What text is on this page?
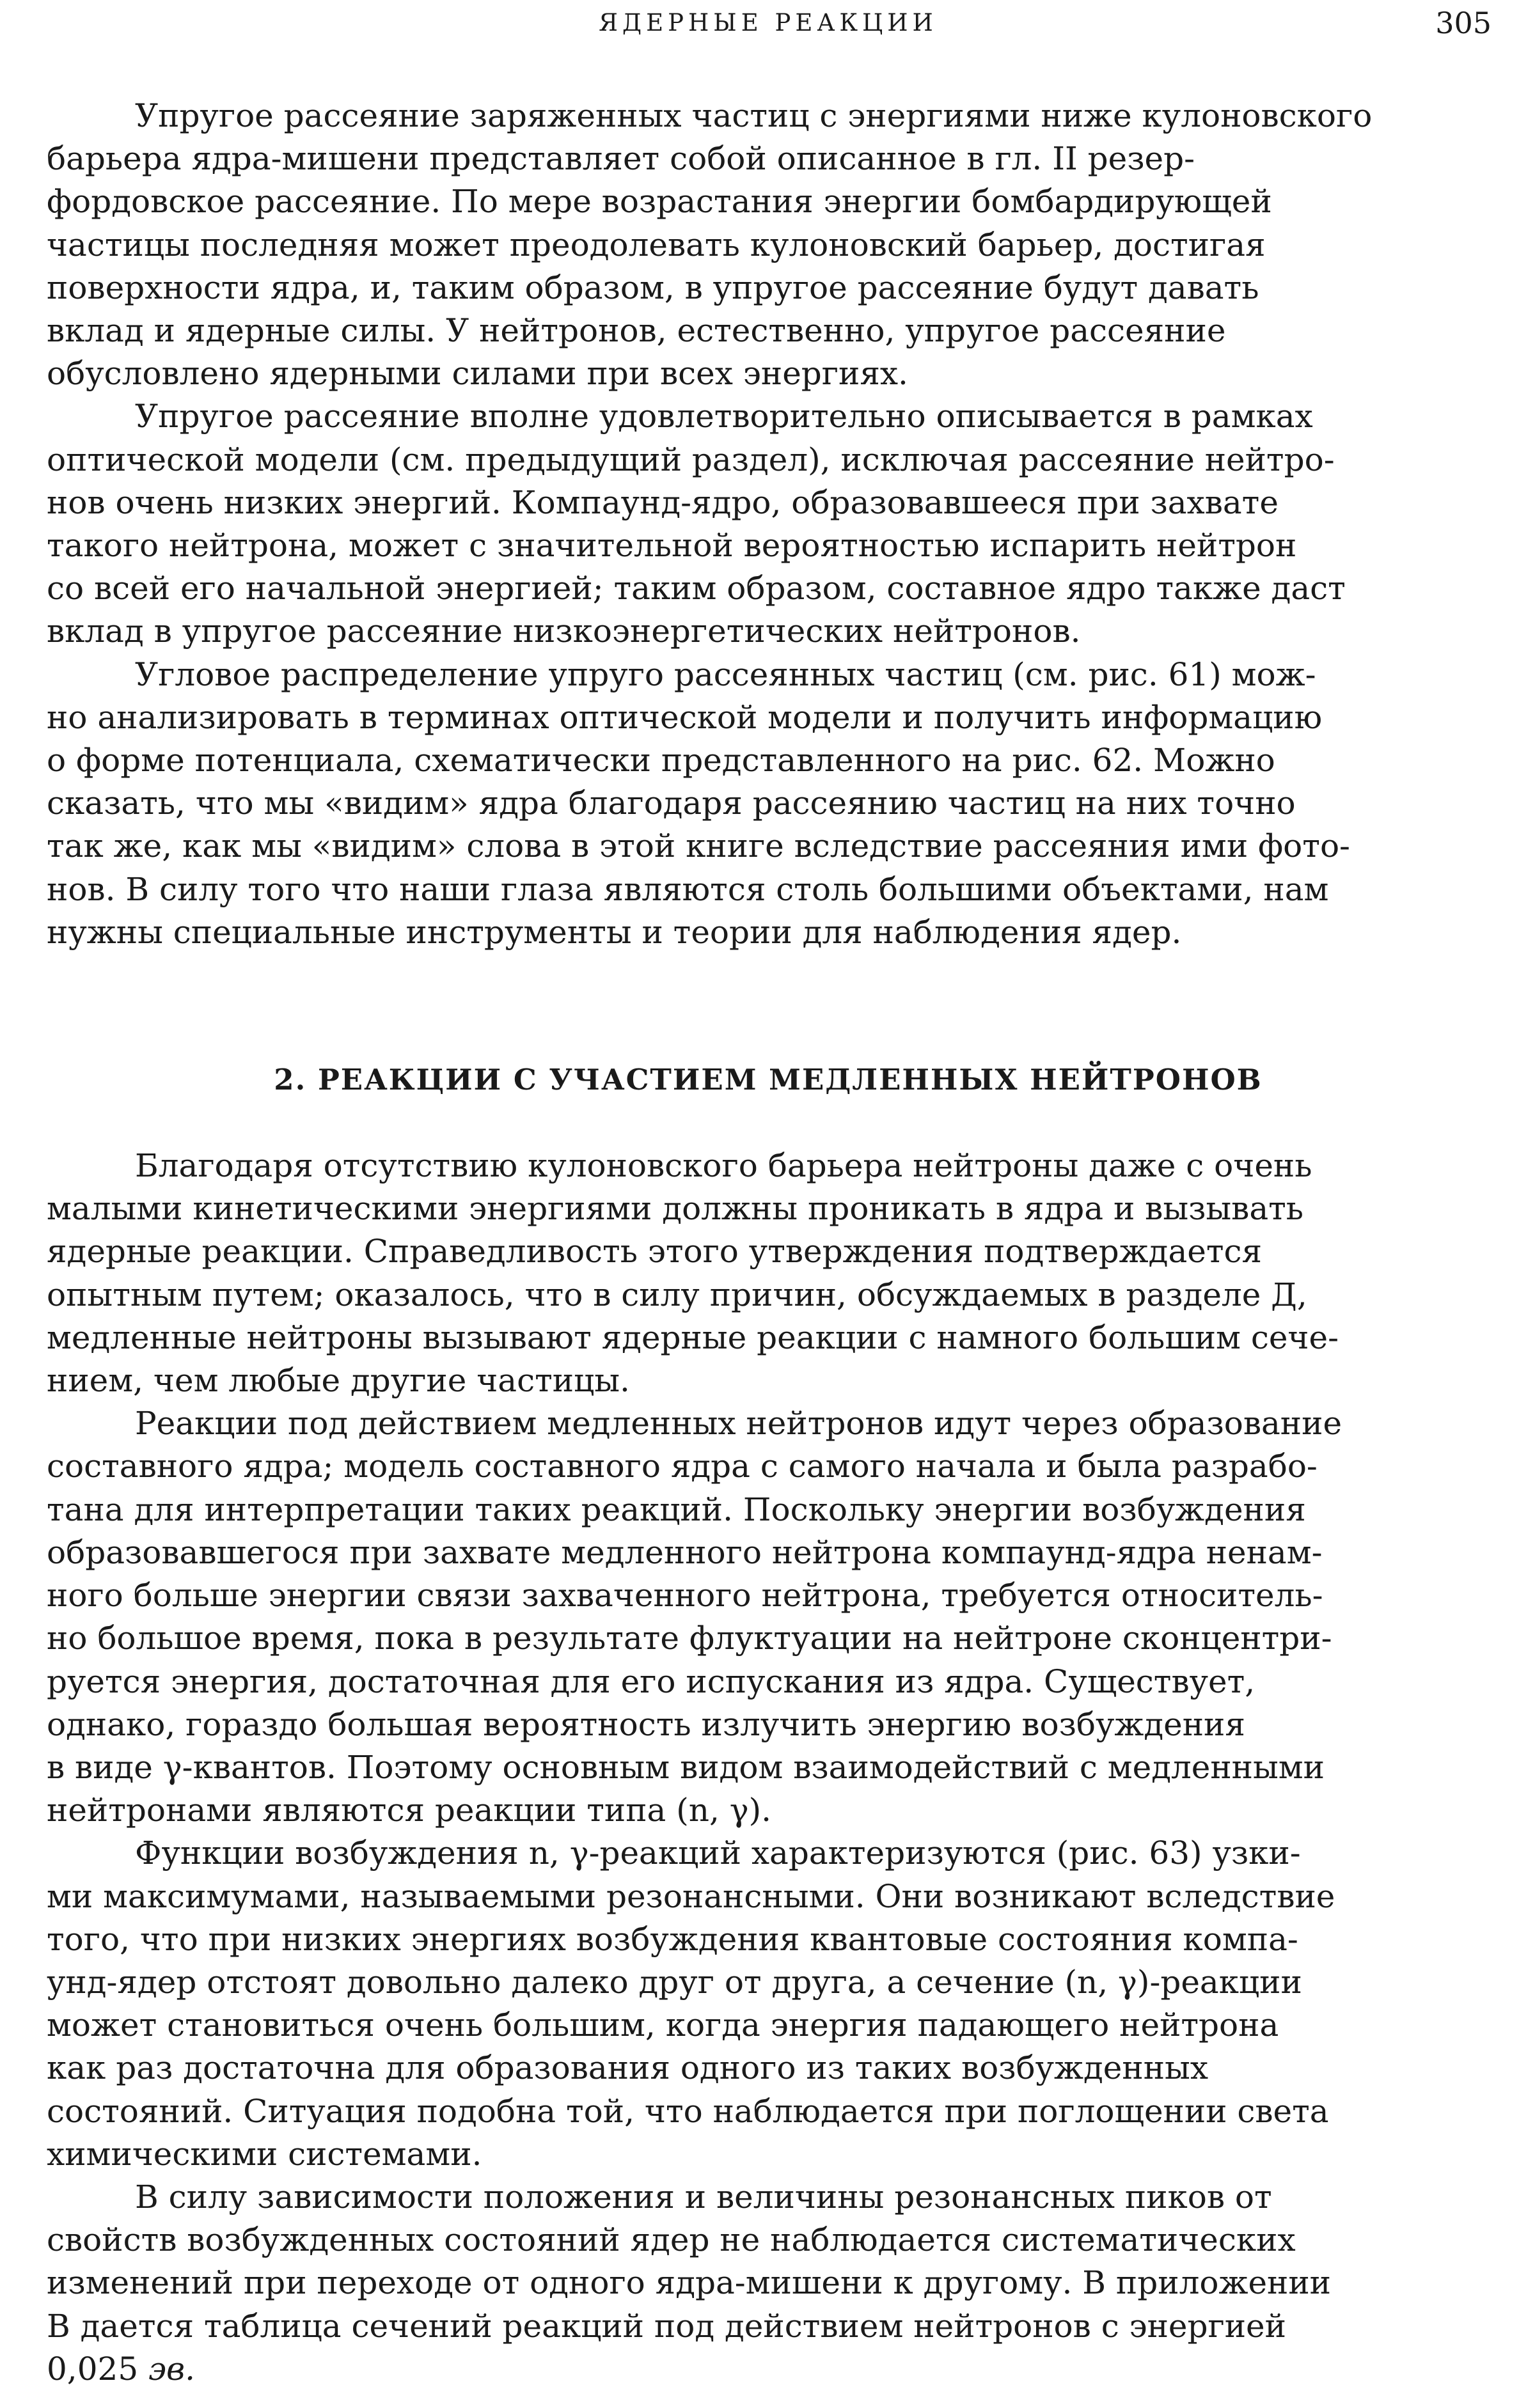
ЯДЕРНЫЕ РЕАКЦИИ	305

Упругое рассеяние заряженных частиц с энергиями ниже кулоновского
барьера ядра-мишени представляет собой описанное в гл. II резер-
фордовское рассеяние. По мере возрастания энергии бомбардирующей
частицы последняя может преодолевать кулоновский барьер, достигая
поверхности ядра, и, таким образом, в упругое рассеяние будут давать
вклад и ядерные силы. У нейтронов, естественно, упругое рассеяние
обусловлено ядерными силами при всех энергиях.

Упругое рассеяние вполне удовлетворительно описывается в рамках
оптической модели (см. предыдущий раздел), исключая рассеяние нейтро-
нов очень низких энергий. Компаунд-ядро, образовавшееся при захвате
такого нейтрона, может с значительной вероятностью испарить нейтрон
со всей его начальной энергией; таким образом, составное ядро также даст
вклад в упругое рассеяние низкоэнергетических нейтронов.

Угловое распределение упруго рассеянных частиц (см. рис. 61) мож-
но анализировать в терминах оптической модели и получить информацию
о форме потенциала, схематически представленного на рис. 62. Можно
сказать, что мы «видим» ядра благодаря рассеянию частиц на них точно
так же, как мы «видим» слова в этой книге вследствие рассеяния ими фото-
нов. В силу того что наши глаза являются столь большими объектами, нам
нужны специальные инструменты и теории для наблюдения ядер.

2. РЕАКЦИИ С УЧАСТИЕМ МЕДЛЕННЫХ НЕЙТРОНОВ

Благодаря отсутствию кулоновского барьера нейтроны даже с очень
малыми кинетическими энергиями должны проникать в ядра и вызывать
ядерные реакции. Справедливость этого утверждения подтверждается
опытным путем; оказалось, что в силу причин, обсуждаемых в разделе Д,
медленные нейтроны вызывают ядерные реакции с намного большим сече-
нием, чем любые другие частицы.

Реакции под действием медленных нейтронов идут через образование
составного ядра; модель составного ядра с самого начала и была разрабо-
тана для интерпретации таких реакций. Поскольку энергии возбуждения
образовавшегося при захвате медленного нейтрона компаунд-ядра ненам-
ного больше энергии связи захваченного нейтрона, требуется относитель-
но большое время, пока в результате флуктуации на нейтроне сконцентри-
руется энергия, достаточная для его испускания из ядра. Существует,
однако, гораздо большая вероятность излучить энергию возбуждения
в виде γ-квантов. Поэтому основным видом взаимодействий с медленными
нейтронами являются реакции типа (n, γ).

Функции возбуждения n, γ-реакций характеризуются (рис. 63) узки-
ми максимумами, называемыми резонансными. Они возникают вследствие
того, что при низких энергиях возбуждения квантовые состояния компа-
унд-ядер отстоят довольно далеко друг от друга, а сечение (n, γ)-реакции
может становиться очень большим, когда энергия падающего нейтрона
как раз достаточна для образования одного из таких возбужденных
состояний. Ситуация подобна той, что наблюдается при поглощении света
химическими системами.

В силу зависимости положения и величины резонансных пиков от
свойств возбужденных состояний ядер не наблюдается систематических
изменений при переходе от одного ядра-мишени к другому. В приложении
В дается таблица сечений реакций под действием нейтронов с энергией
0,025 эв.
